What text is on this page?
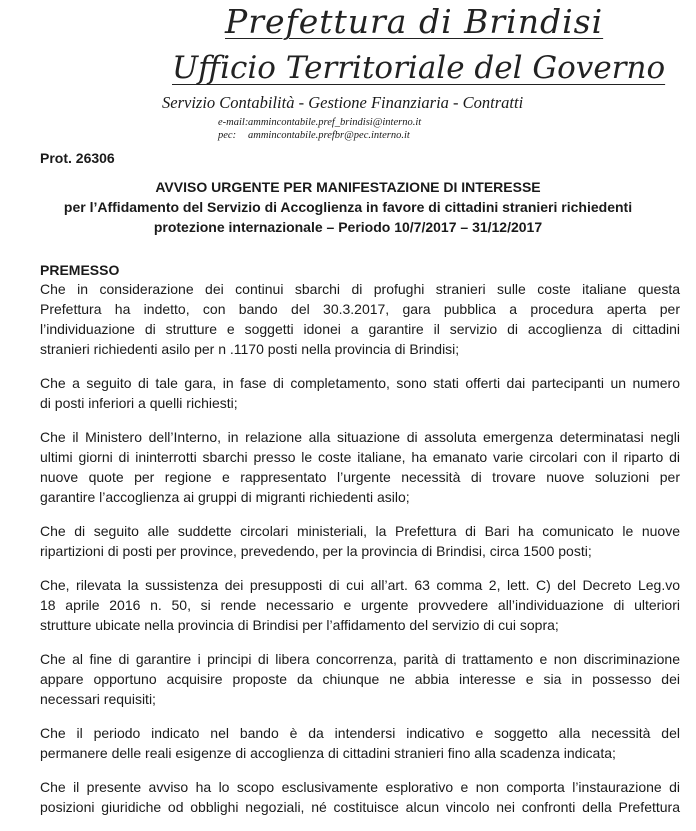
Prefettura di Brindisi
Ufficio Territoriale del Governo
Servizio Contabilità - Gestione Finanziaria - Contratti
e-mail:ammincontabile.pref_brindisi@interno.it
pec: ammincontabile.prefbr@pec.interno.it
Prot. 26306
AVVISO URGENTE PER MANIFESTAZIONE DI INTERESSE
per l’Affidamento del Servizio di Accoglienza in favore di cittadini stranieri richiedenti
protezione internazionale – Periodo 10/7/2017 – 31/12/2017
PREMESSO
Che in considerazione dei continui sbarchi di profughi stranieri sulle coste italiane questa
Prefettura ha indetto, con bando del 30.3.2017, gara pubblica a procedura aperta per
l’individuazione di strutture e soggetti idonei a garantire il servizio di accoglienza di cittadini
stranieri richiedenti asilo per n .1170 posti nella provincia di Brindisi;
Che a seguito di tale gara, in fase di completamento, sono stati offerti dai partecipanti un numero
di posti inferiori a quelli richiesti;
Che il Ministero dell’Interno, in relazione alla situazione di assoluta emergenza determinatasi negli
ultimi giorni di ininterrotti sbarchi presso le coste italiane, ha emanato varie circolari con il riparto di
nuove quote per regione e rappresentato l’urgente necessità di trovare nuove soluzioni per
garantire l’accoglienza ai gruppi di migranti richiedenti asilo;
Che di seguito alle suddette circolari ministeriali, la Prefettura di Bari ha comunicato le nuove
ripartizioni di posti per province, prevedendo, per la provincia di Brindisi, circa 1500 posti;
Che, rilevata la sussistenza dei presupposti di cui all’art. 63 comma 2, lett. C) del Decreto Leg.vo
18 aprile 2016 n. 50, si rende necessario e urgente provvedere all’individuazione di ulteriori
strutture ubicate nella provincia di Brindisi per l’affidamento del servizio di cui sopra;
Che al fine di garantire i principi di libera concorrenza, parità di trattamento e non discriminazione
appare opportuno acquisire proposte da chiunque ne abbia interesse e sia in possesso dei
necessari requisiti;
Che il periodo indicato nel bando è da intendersi indicativo e soggetto alla necessità del
permanere delle reali esigenze di accoglienza di cittadini stranieri fino alla scadenza indicata;
Che il presente avviso ha lo scopo esclusivamente esplorativo e non comporta l’instaurazione di
posizioni giuridiche od obblighi negoziali, né costituisce alcun vincolo nei confronti della Prefettura
